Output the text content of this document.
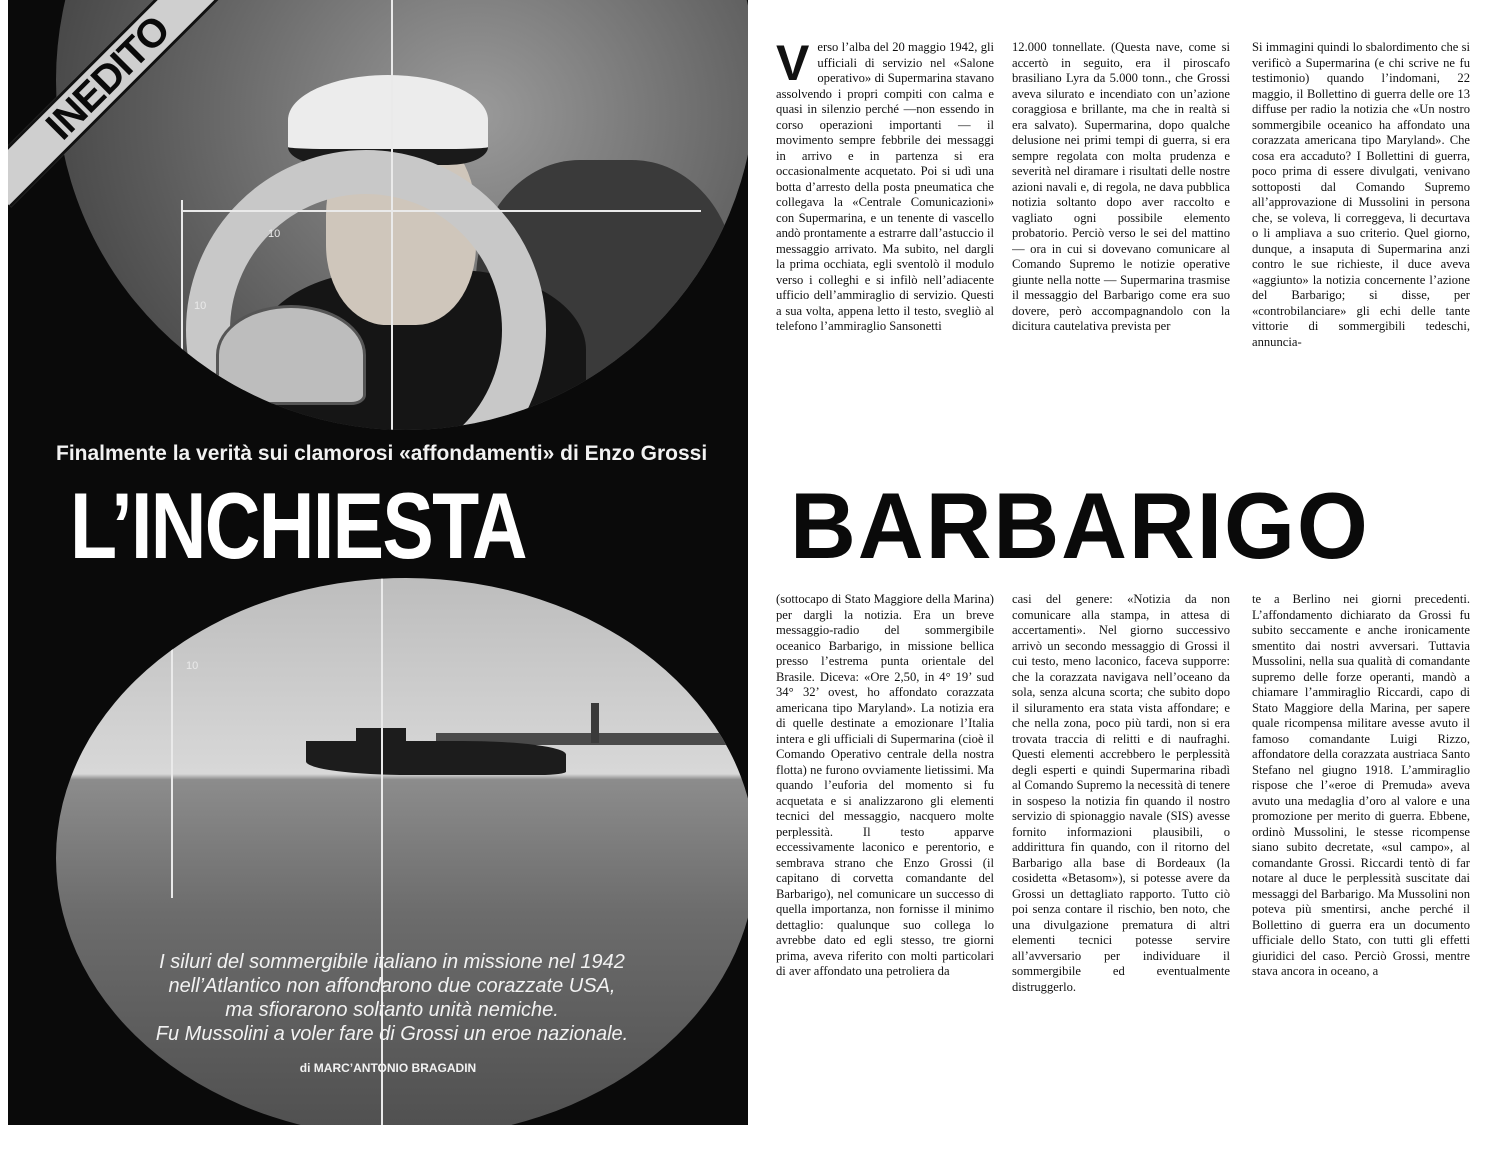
10
10
10
INEDITO
Finalmente la verità sui clamorosi «affondamenti» di Enzo Grossi
L’INCHIESTA
I siluri del sommergibile italiano in missione nel 1942
nell’Atlantico non affondarono due corazzate USA,
ma sfiorarono soltanto unità nemiche.
Fu Mussolini a voler fare di Grossi un eroe nazionale.
di MARC’ANTONIO BRAGADIN
V erso l’alba del 20 maggio 1942, gli ufficiali di servizio nel «Salone operativo» di Supermarina stavano assolvendo i propri compiti con calma e quasi in silenzio perché —non essendo in corso operazioni importanti — il movimento sempre febbrile dei messaggi in arrivo e in partenza si era occasionalmente acquetato. Poi si udì una botta d’arresto della posta pneumatica che collegava la «Centrale Comunicazioni» con Supermarina, e un tenente di vascello andò prontamente a estrarre dall’astuccio il messaggio arrivato. Ma subito, nel dargli la prima occhiata, egli sventolò il modulo verso i colleghi e si infilò nell’adiacente ufficio dell’ammiraglio di servizio. Questi a sua volta, appena letto il testo, svegliò al telefono l’ammiraglio Sansonetti

12.000 tonnellate. (Questa nave, come si accertò in seguito, era il piroscafo brasiliano Lyra da 5.000 tonn., che Grossi aveva silurato e incendiato con un’azione coraggiosa e brillante, ma che in realtà si era salvato). Supermarina, dopo qualche delusione nei primi tempi di guerra, si era sempre regolata con molta prudenza e severità nel diramare i risultati delle nostre azioni navali e, di regola, ne dava pubblica notizia soltanto dopo aver raccolto e vagliato ogni possibile elemento probatorio. Perciò verso le sei del mattino — ora in cui si dovevano comunicare al Comando Supremo le notizie operative giunte nella notte — Supermarina trasmise il messaggio del Barbarigo come era suo dovere, però accompagnandolo con la dicitura cautelativa prevista per

Si immagini quindi lo sbalordimento che si verificò a Supermarina (e chi scrive ne fu testimonio) quando l’indomani, 22 maggio, il Bollettino di guerra delle ore 13 diffuse per radio la notizia che «Un nostro sommergibile oceanico ha affondato una corazzata americana tipo Maryland». Che cosa era accaduto? I Bollettini di guerra, poco prima di essere divulgati, venivano sottoposti dal Comando Supremo all’approvazione di Mussolini in persona che, se voleva, li correggeva, li decurtava o li ampliava a suo criterio. Quel giorno, dunque, a insaputa di Supermarina anzi contro le sue richieste, il duce aveva «aggiunto» la notizia concernente l’azione del Barbarigo; si disse, per «controbilanciare» gli echi delle tante vittorie di sommergibili tedeschi, annuncia-

BARBARIGO

(sottocapo di Stato Maggiore della Marina) per dargli la notizia. Era un breve messaggio-radio del sommergibile oceanico Barbarigo, in missione bellica presso l’estrema punta orientale del Brasile. Diceva: «Ore 2,50, in 4° 19’ sud 34° 32’ ovest, ho affondato corazzata americana tipo Maryland». La notizia era di quelle destinate a emozionare l’Italia intera e gli ufficiali di Supermarina (cioè il Comando Operativo centrale della nostra flotta) ne furono ovviamente lietissimi. Ma quando l’euforia del momento si fu acquetata e si analizzarono gli elementi tecnici del messaggio, nacquero molte perplessità. Il testo apparve eccessivamente laconico e perentorio, e sembrava strano che Enzo Grossi (il capitano di corvetta comandante del Barbarigo), nel comunicare un successo di quella importanza, non fornisse il minimo dettaglio: qualunque suo collega lo avrebbe dato ed egli stesso, tre giorni prima, aveva riferito con molti particolari di aver affondato una petroliera da

casi del genere: «Notizia da non comunicare alla stampa, in attesa di accertamenti». Nel giorno successivo arrivò un secondo messaggio di Grossi il cui testo, meno laconico, faceva supporre: che la corazzata navigava nell’oceano da sola, senza alcuna scorta; che subito dopo il siluramento era stata vista affondare; e che nella zona, poco più tardi, non si era trovata traccia di relitti e di naufraghi. Questi elementi accrebbero le perplessità degli esperti e quindi Supermarina ribadì al Comando Supremo la necessità di tenere in sospeso la notizia fin quando il nostro servizio di spionaggio navale (SIS) avesse fornito informazioni plausibili, o addirittura fin quando, con il ritorno del Barbarigo alla base di Bordeaux (la cosidetta «Betasom»), si potesse avere da Grossi un dettagliato rapporto. Tutto ciò poi senza contare il rischio, ben noto, che una divulgazione prematura di altri elementi tecnici potesse servire all’avversario per individuare il sommergibile ed eventualmente distruggerlo.

te a Berlino nei giorni precedenti. L’affondamento dichiarato da Grossi fu subito seccamente e anche ironicamente smentito dai nostri avversari. Tuttavia Mussolini, nella sua qualità di comandante supremo delle forze operanti, mandò a chiamare l’ammiraglio Riccardi, capo di Stato Maggiore della Marina, per sapere quale ricompensa militare avesse avuto il famoso comandante Luigi Rizzo, affondatore della corazzata austriaca Santo Stefano nel giugno 1918. L’ammiraglio rispose che l’«eroe di Premuda» aveva avuto una medaglia d’oro al valore e una promozione per merito di guerra. Ebbene, ordinò Mussolini, le stesse ricompense siano subito decretate, «sul campo», al comandante Grossi. Riccardi tentò di far notare al duce le perplessità suscitate dai messaggi del Barbarigo. Ma Mussolini non poteva più smentirsi, anche perché il Bollettino di guerra era un documento ufficiale dello Stato, con tutti gli effetti giuridici del caso. Perciò Grossi, mentre stava ancora in oceano, a
